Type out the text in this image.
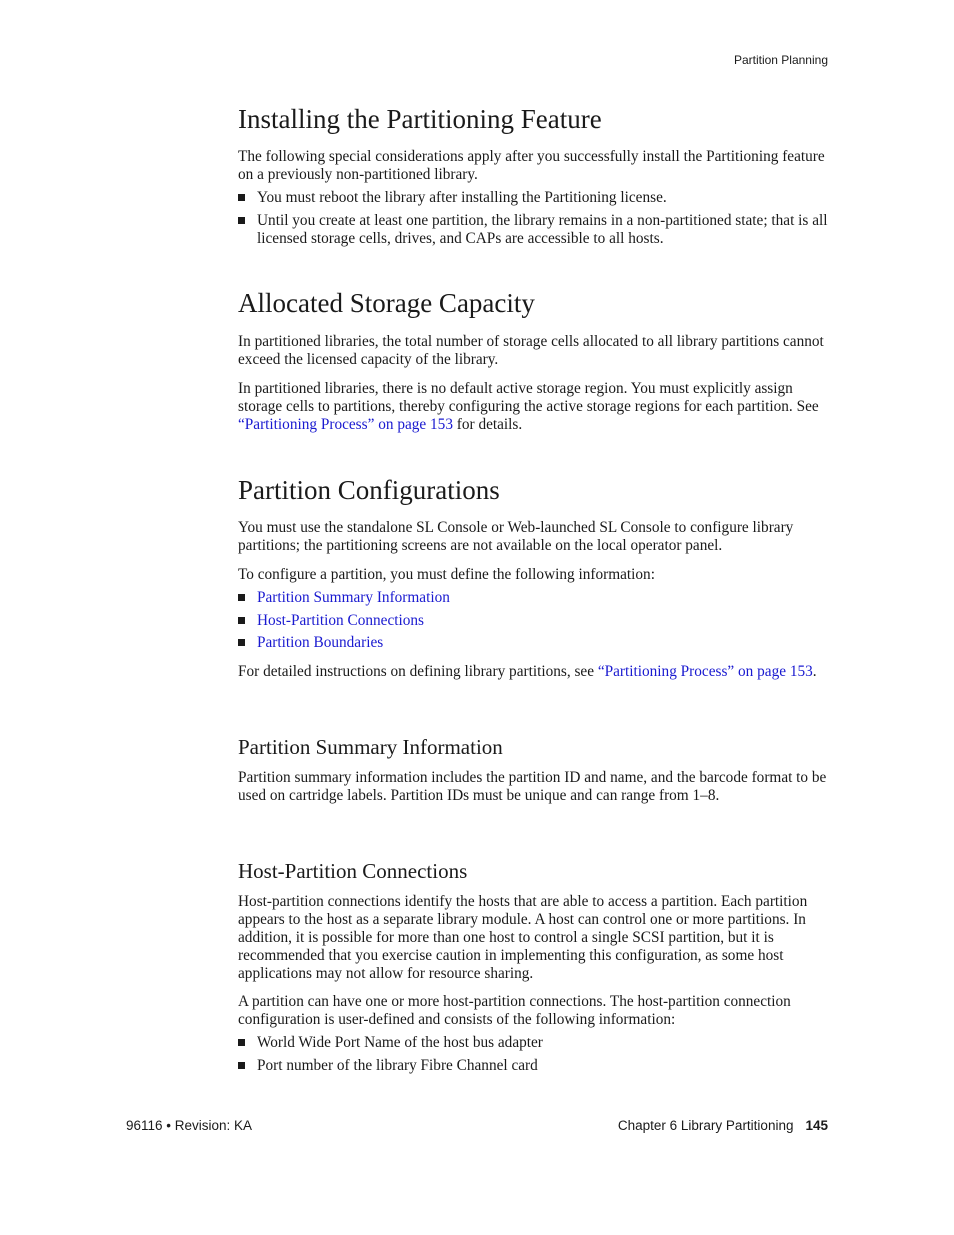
Partition Planning
Installing the Partitioning Feature

The following special considerations apply after you successfully install the Partitioning feature on a previously non-partitioned library.

You must reboot the library after installing the Partitioning license.
Until you create at least one partition, the library remains in a non-partitioned state; that is all licensed storage cells, drives, and CAPs are accessible to all hosts.
Allocated Storage Capacity

In partitioned libraries, the total number of storage cells allocated to all library partitions cannot exceed the licensed capacity of the library.

In partitioned libraries, there is no default active storage region. You must explicitly assign storage cells to partitions, thereby configuring the active storage regions for each partition. See “Partitioning Process” on page 153 for details.

Partition Configurations

You must use the standalone SL Console or Web-launched SL Console to configure library partitions; the partitioning screens are not available on the local operator panel.

To configure a partition, you must define the following information:

Partition Summary Information
Host-Partition Connections
Partition Boundaries

For detailed instructions on defining library partitions, see “Partitioning Process” on page 153.

Partition Summary Information

Partition summary information includes the partition ID and name, and the barcode format to be used on cartridge labels. Partition IDs must be unique and can range from 1–8.

Host-Partition Connections

Host-partition connections identify the hosts that are able to access a partition. Each partition appears to the host as a separate library module. A host can control one or more partitions. In addition, it is possible for more than one host to control a single SCSI partition, but it is recommended that you exercise caution in implementing this configuration, as some host applications may not allow for resource sharing.

A partition can have one or more host-partition connections. The host-partition connection configuration is user-defined and consists of the following information:

World Wide Port Name of the host bus adapter
Port number of the library Fibre Channel card
96116 • Revision: KA	Chapter 6 Library Partitioning 145
